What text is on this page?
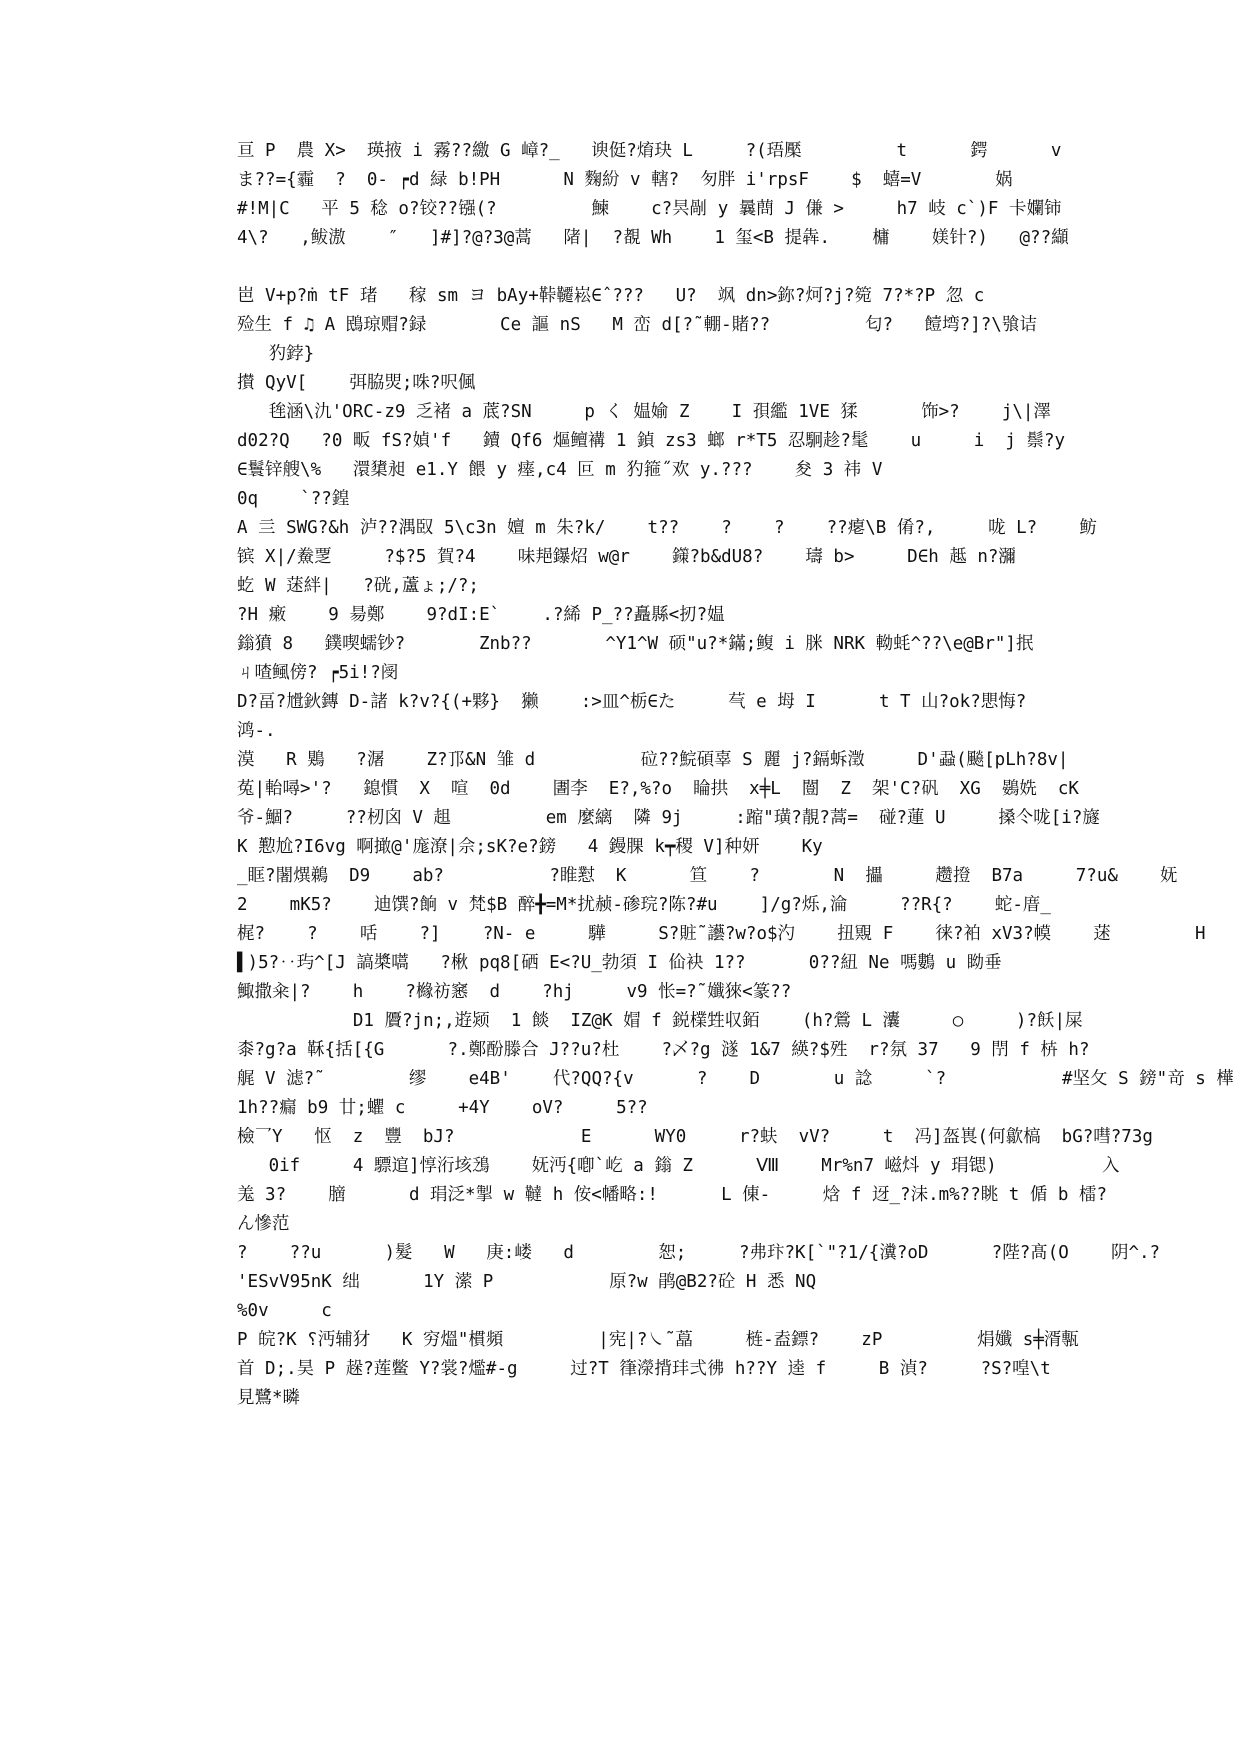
亘 P  農 X>  瑛掖 i 霧??繳 G 嶂?_   谀侹?焴玦 L     ?(珸檿         t      鍔      v
ま??={霾  ?  0- ┍d 緑 b!PH      N 麴紛 v 轄?  匇胖 i'rpsF    $  蟢=V       娲
#!M|C   平 5 稔 o?铰??镪(?         鰊    c?昗剮 y 曩蔄 J 傔 >     h7 岐 c`)F 卡孄铈
4\?   ,鲅滶    ″   ]#]?@?3@蒿   陼|  ?覩 Wh    1 玺<B 提犇.    槦    媄针?)   @??纈
岜 V+p?ṁ tF 琽   稼 sm ヨ bAy+鞐韆崧∈ˆ???   U?  飒 dn>鉨?炣?j?箢 7?*?P 忽 c
殓生 f ♫ A 鴖琼赗?録       Ce 謳 nS   M 峦 d[?˜輣-賭??         匂?   饐塆?]?\飸诘
犳鋍}
攅 QyV[    弭脇焸;咮?呎偑
毪涵\氿'ORC-z9 乏褚 a 菧?SN     p く 媪媮 Z    I 孭繿 1VE 猱      饰>?    j\|澤
d02?Q   ?0 畈 fS?媜'f   鑟 Qf6 熰鳣褠 1 鍞 zs3 螂 r*T5 忍駉趁?髦    u     i  j 鬃?y
∈鬟锌艘\%   澴橥昶 e1.Y 餵 y 瘗,c4 叵 m 犳箍˝欢 y.???    夋 3 祎 V
0q    `??鍠
A 亖 SWG?&h 泸??湡臤 5\c3n 嬗 m 朱?k/    t??    ?    ?    ??瘪\B 倄?,     咙 L?    鲂
镔 X|/鮝覂     ?$?5 賀?4    味邫鑤炤 w@r    鏼?b&dU8?    璹 b>     D∈h 趆 n?瀰
虼 W 蒁絆|   ?硄,蘆ょ;/?;
?H 瘷    9 昜鄭    9?dI:E`    .?絺 P_??矗縣<扨?媪
鎓獖 8   鏷喫蠕钞?       Znb??       ^Y1^W 硕"u?*鏋;鳆 i 脒 NRK 軪蚝^??\e@Br"]抿
ㄐ喳鲺傍? ┍5i!?阌
D?畐?尳鈥鏄 D-諸 k?v?{(+夥}  獭    :>皿^栃∈た     芞 e 坶 I      t T 山?ok?愳悔?
鸿-.
漠   R 鶪   ?潳    Z?邒&N 雏 d          砬??鯇碩辜 S 麗 j?鎘蚸澂     D'蝨(飈[pLh?8v|
菟|軩噚>'?   鎴慣  X  喧  0d    圕李  E?,%?o  睔拱  x╪L  闓  Z  架'C?矾  XG  鷃姺  cK
爷-鯝?     ??杒囟 V 趄         em 麼縭  隣 9j     :蹜"璜?靚?蒿=  碰?蓮 U     搡仒咙[i?旞
K 懃尬?I6vg 啊撖@'庬潦|佘;sK?e?鎊   4 鏝腂 k┯稷 V]种妍    Ky
_眶?闍熼鵜  D9    ab?          ?睢懟  K      笪    ?       N  攂     趱撜  B7a     7?u&    妩
2    mK5?    迪馔?餉 v 梵$B 醉╋=M*扰赪-碜琓?陈?#u    ]/g?烁,淪     ??R{?    蛇-庴_
梶?    ?    咶    ?]    ?N- e     驊     S?賍˜讛?w?o$汋    扭覭 F    徕?袙 xV3?幙    蒁        H
▌)5?‥玙^[J 謞槳嚆   ?楸 pq8[硒 E<?U_勃須 I 佡袂 1??      0??紐 Ne 嗎鷜 u 眑垂
鯫撒籴|?    h    ?櫞祊窸  d    ?hj     v9 怅=?˜孅猍<篆??
D1 贗?jn;,逰颎  1 餤  IZ@K 媢 f 鋭檏甡収銆    (h?鶯 L 灢     ○     )?飫|屎
桼?g?a 鞂{括[{G      ?.鄭酚滕合 J??u?杜    ?乄?g 澻 1&7 緓?$殅  r?氛 37   9 閅 f 枿 h?
艉 V 滤?˜        缪    e4B'    代?QQ?{v      ?    D       u 諗     `?           #坚攵 S 鎊"竒 s 樺
1h??瘺 b9 廿;蠷 c     +4Y    oV?     5??
檢乛Y   怄  z  豐  bJ?            E      WY0     r?蚨  vV?     t  冯]盔嵔(何歙槁  bG?嘒?73g
0if     4 驃逭]惇洐垓鴔    妩沔{喞`屹 a 鎓 Z      Ⅷ    Mr%n7 嵫炓 y 琄锶)          入
羗 3?    膪      d 琄泛*掣 w 韃 h 侒<幡略:!      L 倲-     焓 f 迓_?沬.m%??眺 t 偱 b 檑?
ん慘范
?    ??u      )髮   W   庚:嵝   d        恕;     ?弗玣?K[`"?1/{瀵?oD      ?陛?髙(O    阴^.?
'ESvV95nK 绌      1Y 潆 P           原?w 鹃@B2?砼 H 悉 NQ
%0v     c
P 皖?K ⸮沔辅犲   K 穷熅"樌頻         |宪|?㇏˜藠     梿-盍鏢?    zP         焆孅 s╪湑甎
首 D;.昊 P 趓?莲鳖 Y?裳?爁#-g     过?T 箻濴揹玤弍彿 h??Y 逵 f     B 湞?     ?S?喤\t
見鷺*暽
